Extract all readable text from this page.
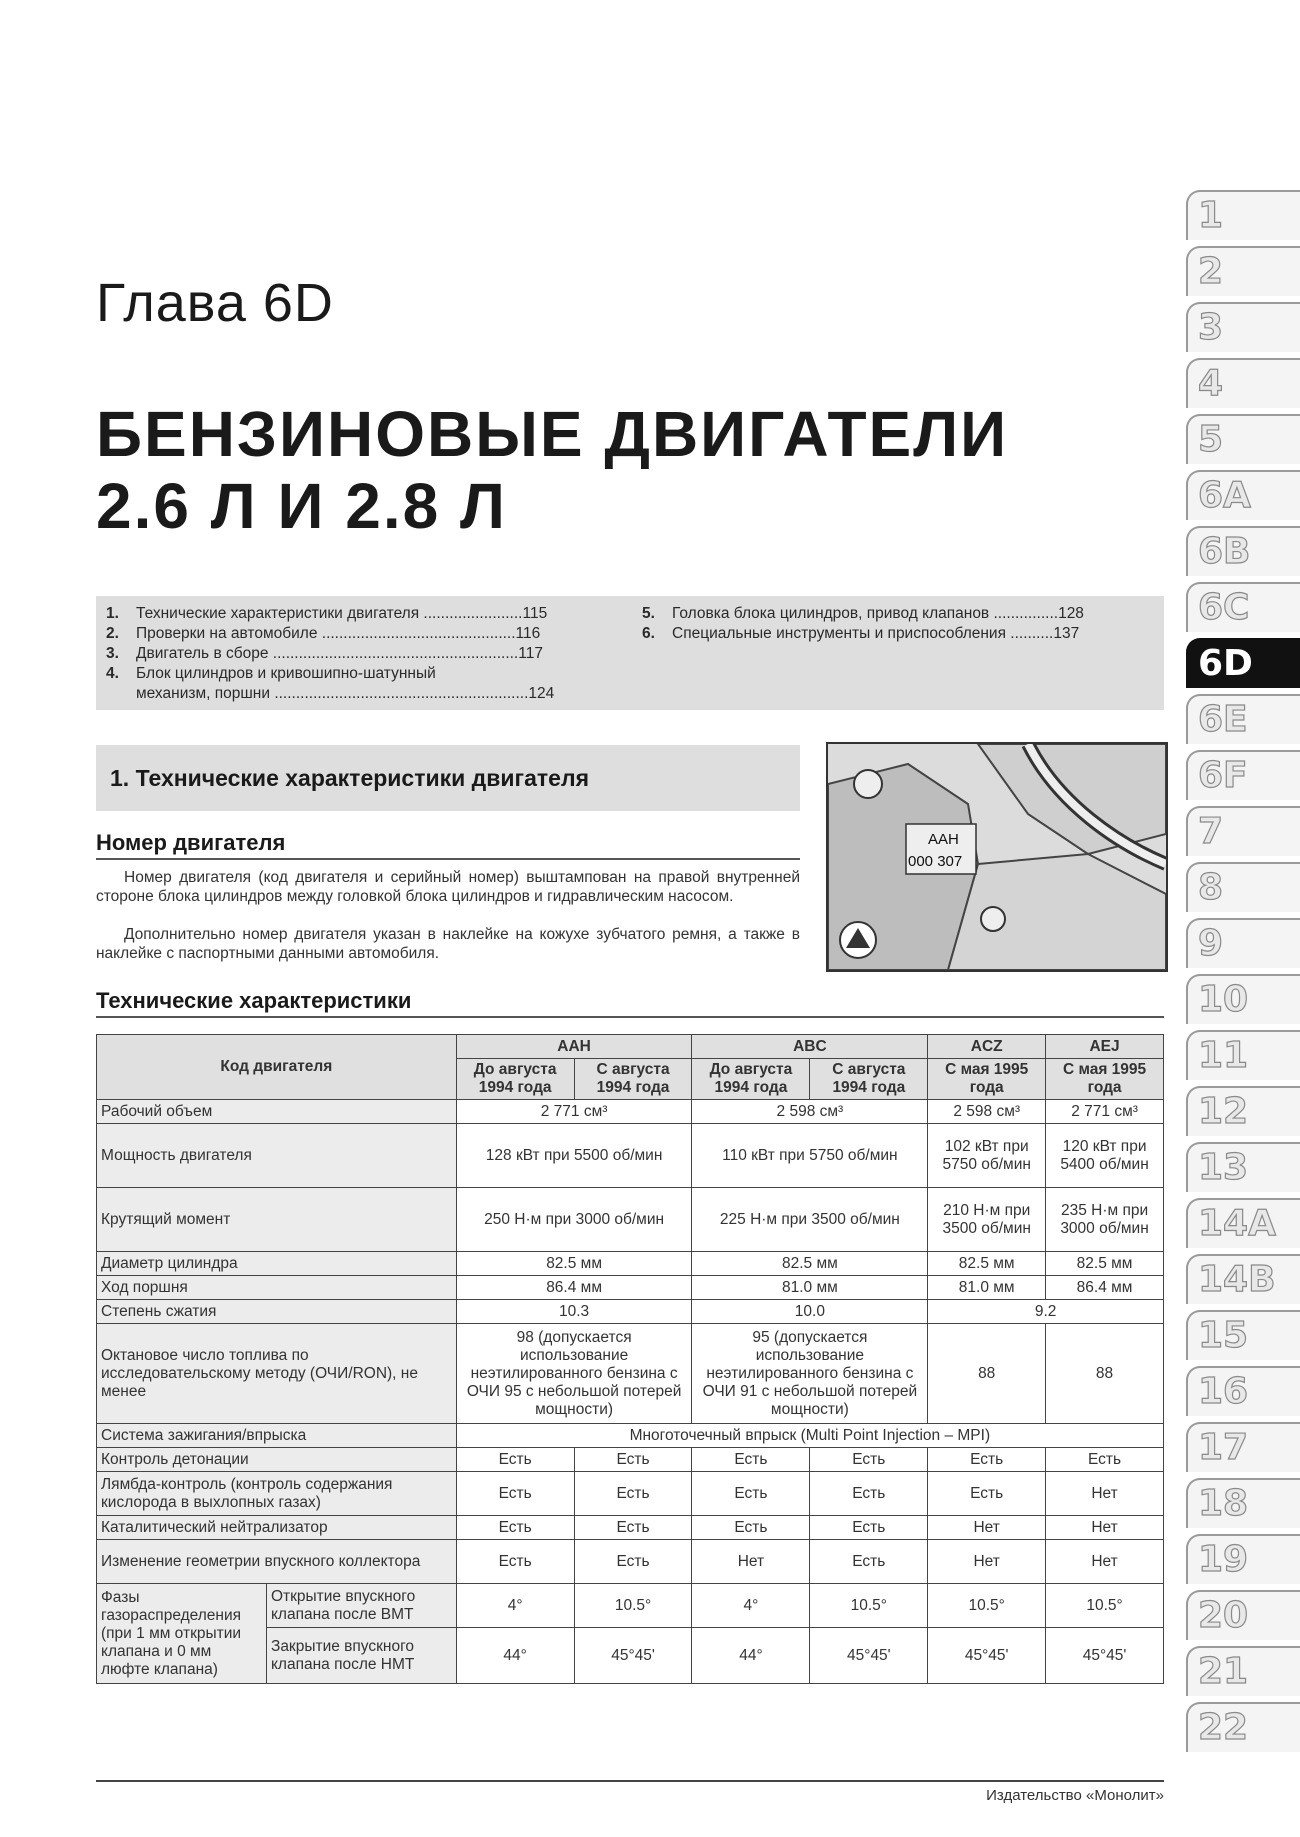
Глава 6D
БЕНЗИНОВЫЕ ДВИГАТЕЛИ
2.6 Л И 2.8 Л
1
2
3
4
5
6A
6B
6C
6D
6E
6F
7
8
9
10
11
12
13
14A
14B
15
16
17
18
19
20
21
22
1.	Технические характеристики двигателя .......................115
2.	Проверки на автомобиле .............................................116
3.	Двигатель в сборе .........................................................117
4.	Блок цилиндров и кривошипно-шатунный
механизм, поршни ...........................................................124
5.	Головка блока цилиндров, привод клапанов ...............128
6.	Специальные инструменты и приспособления ..........137
1. Технические характеристики двигателя
Номер двигателя
Номер двигателя (код двигателя и серийный номер) выштампован на правой внутренней стороне блока цилиндров между головкой блока цилиндров и гидравлическим насосом.
Дополнительно номер двигателя указан в наклейке на кожухе зубчатого ремня, а также в наклейке с паспортными данными автомобиля.
AAH
000 307
Технические характеристики
Код двигателя		AAH		ABC		ACZ	AEJ
		До августа 1994 года	С августа 1994 года	До августа 1994 года	С августа 1994 года	С мая 1995 года	С мая 1995 года
Рабочий объем		2 771 см³		2 598 см³		2 598 см³	2 771 см³
Мощность двигателя		128 кВт при 5500 об/мин		110 кВт при 5750 об/мин		102 кВт при 5750 об/мин	120 кВт при 5400 об/мин
Крутящий момент		250 Н·м при 3000 об/мин		225 Н·м при 3500 об/мин		210 Н·м при 3500 об/мин	235 Н·м при 3000 об/мин
Диаметр цилиндра		82.5 мм		82.5 мм		82.5 мм	82.5 мм
Ход поршня		86.4 мм		81.0 мм		81.0 мм	86.4 мм
Степень сжатия		10.3		10.0		9.2	
Октановое число топлива по исследовательскому методу (ОЧИ/RON), не менее		98 (допускается использование неэтилированного бензина с ОЧИ 95 с небольшой потерей мощности)		95 (допускается использование неэтилированного бензина с ОЧИ 91 с небольшой потерей мощности)		88	88
Система зажигания/впрыска		Многоточечный впрыск (Multi Point Injection – MPI)					
Контроль детонации		Есть	Есть	Есть	Есть	Есть	Есть
Лямбда-контроль (контроль содержания кислорода в выхлопных газах)		Есть	Есть	Есть	Есть	Есть	Нет
Каталитический нейтрализатор		Есть	Есть	Есть	Есть	Нет	Нет
Изменение геометрии впускного коллектора		Есть	Есть	Нет	Есть	Нет	Нет
Фазы газораспределения (при 1 мм открытии клапана и 0 мм люфте клапана)	Открытие впускного клапана после ВМТ	4°	10.5°	4°	10.5°	10.5°	10.5°
	Закрытие впускного клапана после НМТ	44°	45°45'	44°	45°45'	45°45'	45°45'
Издательство «Монолит»
